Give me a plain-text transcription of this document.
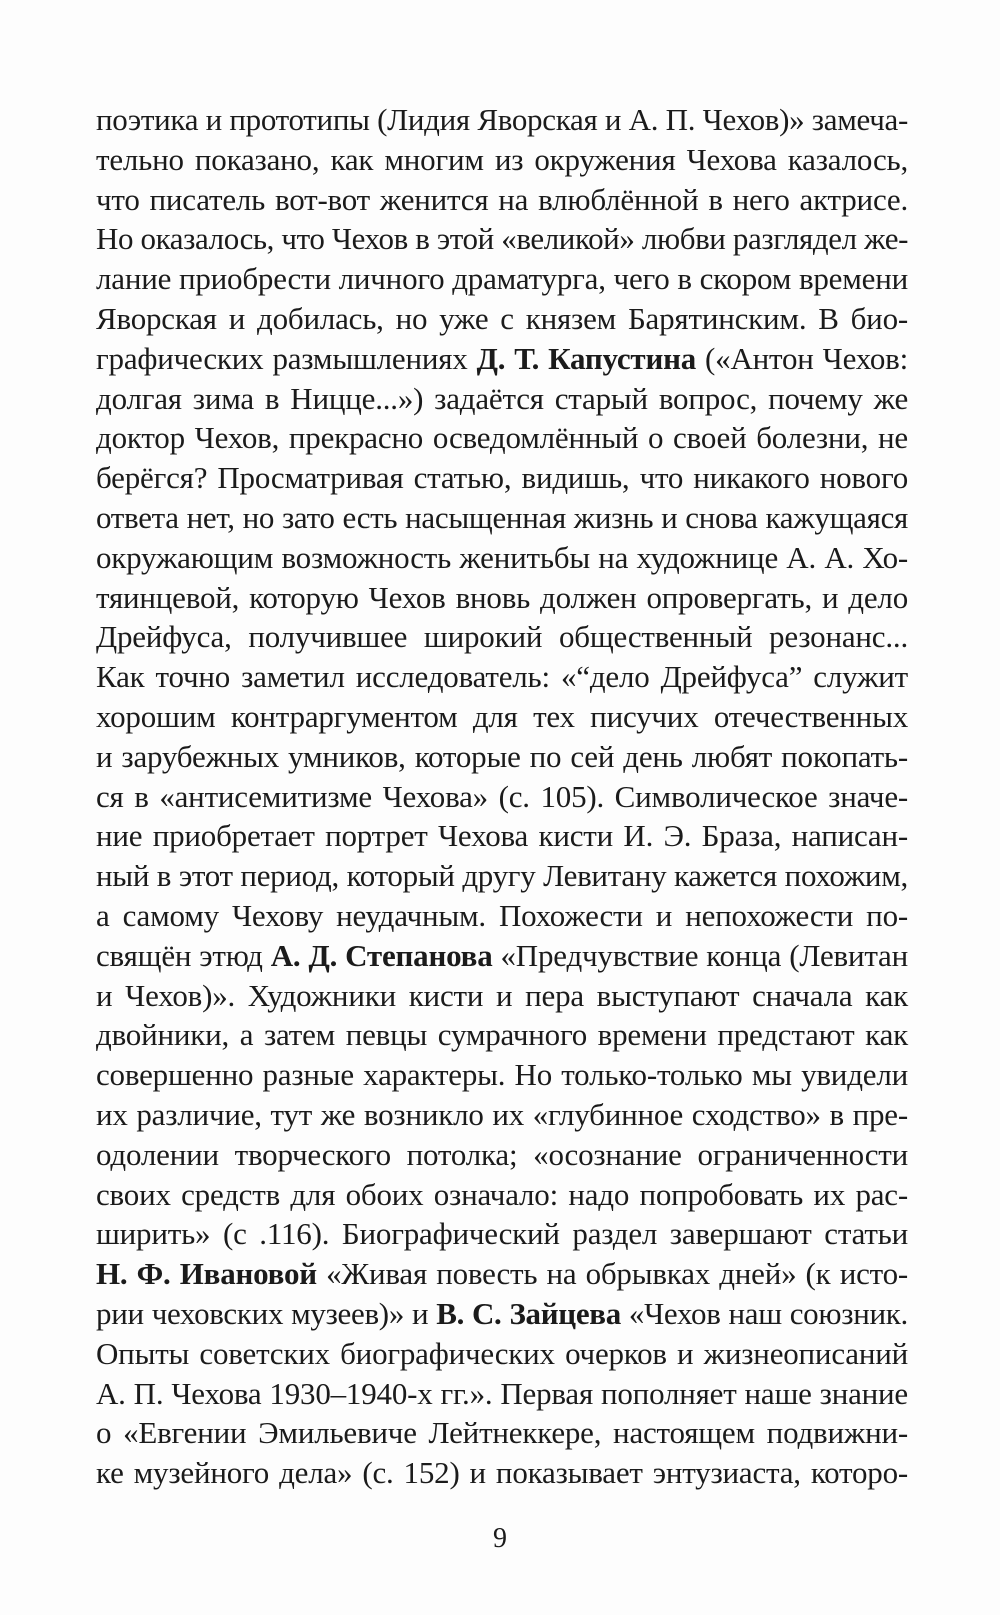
поэтика и прототипы (Лидия Яворская и А. П. Чехов)» замеча-
тельно показано, как многим из окружения Чехова казалось,
что писатель вот-вот женится на влюблённой в него актрисе.
Но оказалось, что Чехов в этой «великой» любви разглядел же-
лание приобрести личного драматурга, чего в скором времени
Яворская и добилась, но уже с князем Барятинским. В био-
графических размышлениях Д. Т. Капустина («Антон Чехов:
долгая зима в Ницце...») задаётся старый вопрос, почему же
доктор Чехов, прекрасно осведомлённый о своей болезни, не
берёгся? Просматривая статью, видишь, что никакого нового
ответа нет, но зато есть насыщенная жизнь и снова кажущаяся
окружающим возможность женитьбы на художнице А. А. Хо-
тяинцевой, которую Чехов вновь должен опровергать, и дело
Дрейфуса, получившее широкий общественный резонанс...
Как точно заметил исследователь: «“дело Дрейфуса” служит
хорошим контраргументом для тех писучих отечественных
и зарубежных умников, которые по сей день любят покопать-
ся в «антисемитизме Чехова» (с. 105). Символическое значе-
ние приобретает портрет Чехова кисти И. Э. Браза, написан-
ный в этот период, который другу Левитану кажется похожим,
а самому Чехову неудачным. Похожести и непохожести по-
свящён этюд А. Д. Степанова «Предчувствие конца (Левитан
и Чехов)». Художники кисти и пера выступают сначала как
двойники, а затем певцы сумрачного времени предстают как
совершенно разные характеры. Но только-только мы увидели
их различие, тут же возникло их «глубинное сходство» в пре-
одолении творческого потолка; «осознание ограниченности
своих средств для обоих означало: надо попробовать их рас-
ширить» (с .116). Биографический раздел завершают статьи
Н. Ф. Ивановой «Живая повесть на обрывках дней» (к исто-
рии чеховских музеев)» и В. С. Зайцева «Чехов наш союзник.
Опыты советских биографических очерков и жизнеописаний
А. П. Чехова 1930–1940-х гг.». Первая пополняет наше знание
о «Евгении Эмильевиче Лейтнеккере, настоящем подвижни-
ке музейного дела» (с. 152) и показывает энтузиаста, которо-
9
